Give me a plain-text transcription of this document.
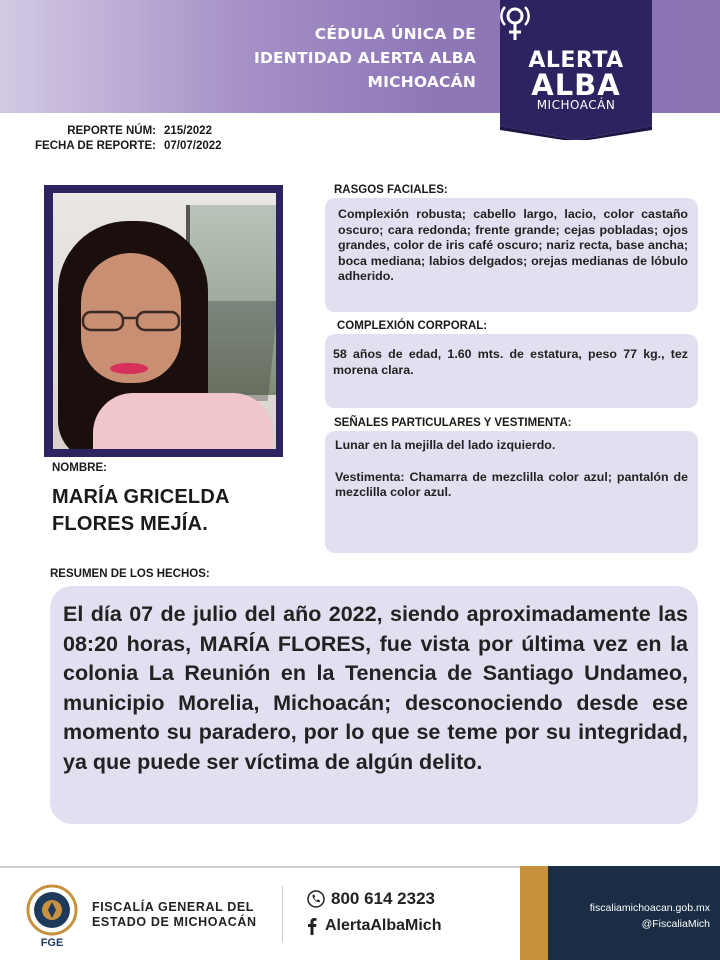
CÉDULA ÚNICA DE
IDENTIDAD ALERTA ALBA
MICHOACÁN
ALERTA
ALBA
MICHOACÁN
REPORTE NÚM:
FECHA DE REPORTE:
215/2022
07/07/2022
NOMBRE:
MARÍA GRICELDA
FLORES MEJÍA.
RASGOS FACIALES:

Complexión robusta; cabello largo, lacio, color castaño oscuro; cara redonda; frente grande; cejas pobladas; ojos grandes, color de iris café oscuro; nariz recta, base ancha; boca mediana; labios delgados; orejas medianas de lóbulo adherido.

COMPLEXIÓN CORPORAL:

58 años de edad, 1.60 mts. de estatura, peso 77 kg., tez morena clara.

SEÑALES PARTICULARES Y VESTIMENTA:

Lunar en la mejilla del lado izquierdo.

Vestimenta: Chamarra de mezclilla color azul; pantalón de mezclilla color azul.

RESUMEN DE LOS HECHOS:

El día 07 de julio del año 2022, siendo aproximadamente las 08:20 horas, MARÍA FLORES, fue vista por última vez en la colonia La Reunión en la Tenencia de Santiago Undameo, municipio Morelia, Michoacán; desconociendo desde ese momento su paradero, por lo que se teme por su integridad, ya que puede ser víctima de algún delito.

FGE
FISCALÍA GENERAL DEL
ESTADO DE MICHOACÁN
800 614 2323
AlertaAlbaMich
fiscaliamichoacan.gob.mx
@FiscaliaMich
